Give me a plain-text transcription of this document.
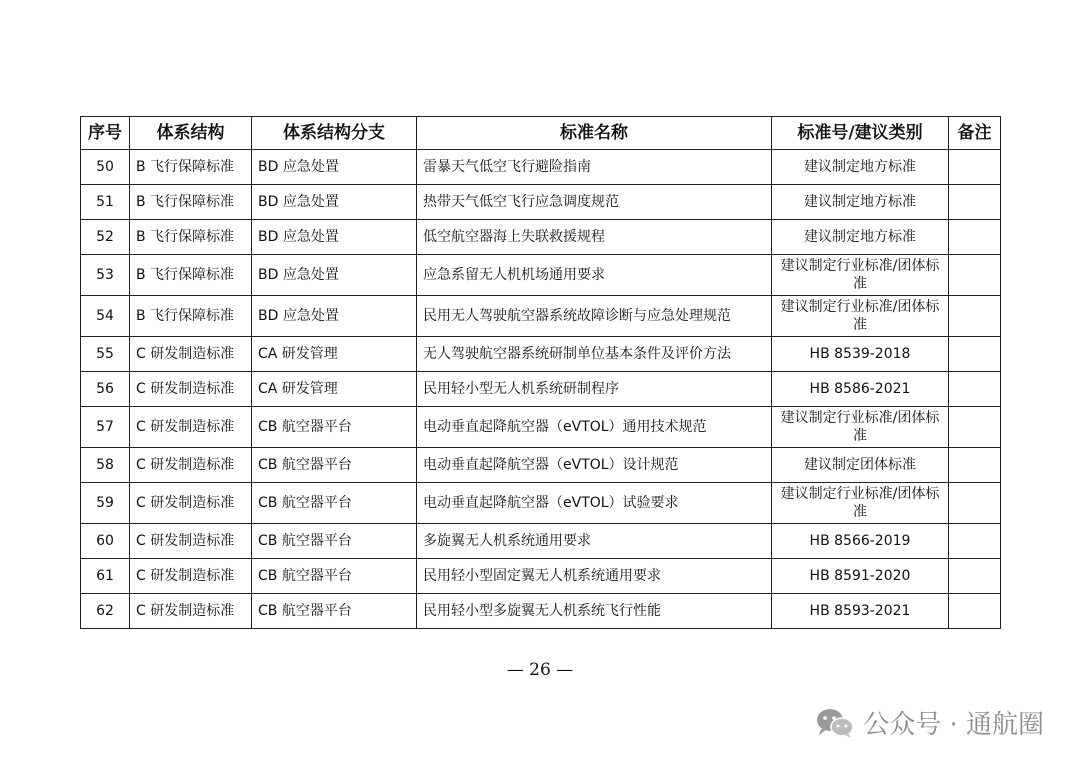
序号	体系结构	体系结构分支	标准名称	标准号/建议类别	备注
50	B 飞行保障标准	BD 应急处置	雷暴天气低空飞行避险指南	建议制定地方标准	
51	B 飞行保障标准	BD 应急处置	热带天气低空飞行应急调度规范	建议制定地方标准	
52	B 飞行保障标准	BD 应急处置	低空航空器海上失联救援规程	建议制定地方标准	
53	B 飞行保障标准	BD 应急处置	应急系留无人机机场通用要求	建议制定行业标准/团体标准	
54	B 飞行保障标准	BD 应急处置	民用无人驾驶航空器系统故障诊断与应急处理规范	建议制定行业标准/团体标准	
55	C 研发制造标准	CA 研发管理	无人驾驶航空器系统研制单位基本条件及评价方法	HB 8539-2018	
56	C 研发制造标准	CA 研发管理	民用轻小型无人机系统研制程序	HB 8586-2021	
57	C 研发制造标准	CB 航空器平台	电动垂直起降航空器（eVTOL）通用技术规范	建议制定行业标准/团体标准	
58	C 研发制造标准	CB 航空器平台	电动垂直起降航空器（eVTOL）设计规范	建议制定团体标准	
59	C 研发制造标准	CB 航空器平台	电动垂直起降航空器（eVTOL）试验要求	建议制定行业标准/团体标准	
60	C 研发制造标准	CB 航空器平台	多旋翼无人机系统通用要求	HB 8566-2019	
61	C 研发制造标准	CB 航空器平台	民用轻小型固定翼无人机系统通用要求	HB 8591-2020	
62	C 研发制造标准	CB 航空器平台	民用轻小型多旋翼无人机系统飞行性能	HB 8593-2021	
— 26 —
公众号 · 通航圈
